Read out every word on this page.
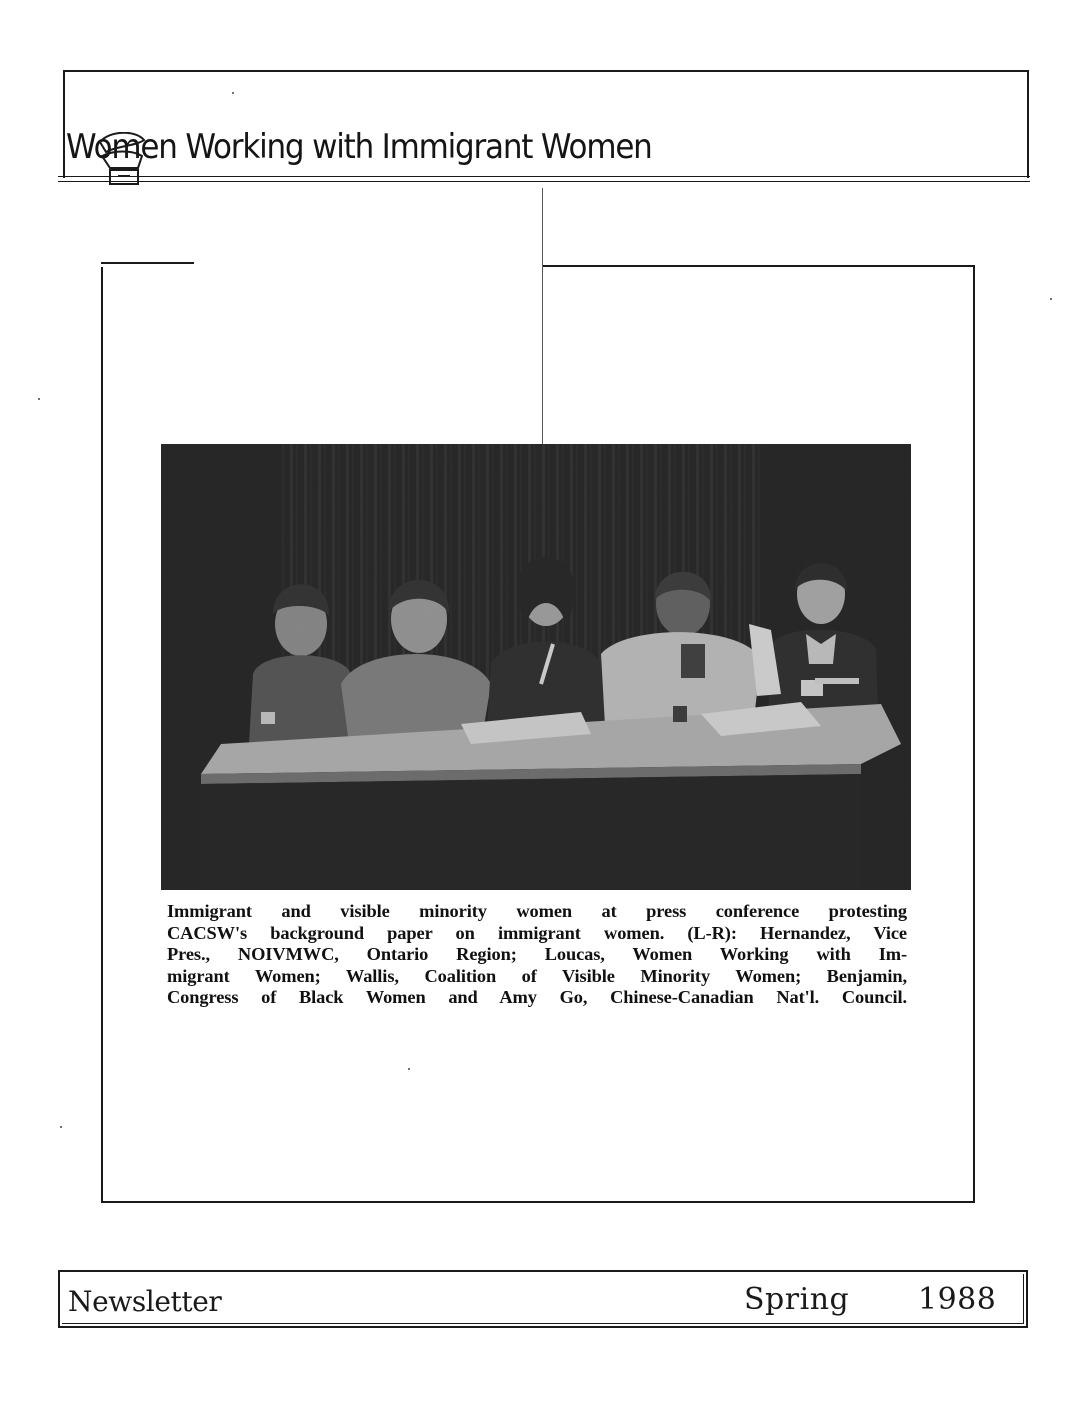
Women Working with Immigrant Women
Immigrant and visible minority women at press conference protesting
CACSW's background paper on immigrant women. (L-R): Hernandez, Vice
Pres., NOIVMWC, Ontario Region; Loucas, Women Working with Im-
migrant Women; Wallis, Coalition of Visible Minority Women; Benjamin,
Congress of Black Women and Amy Go, Chinese-Canadian Nat'l. Council.
Newsletter	Spring 1988
